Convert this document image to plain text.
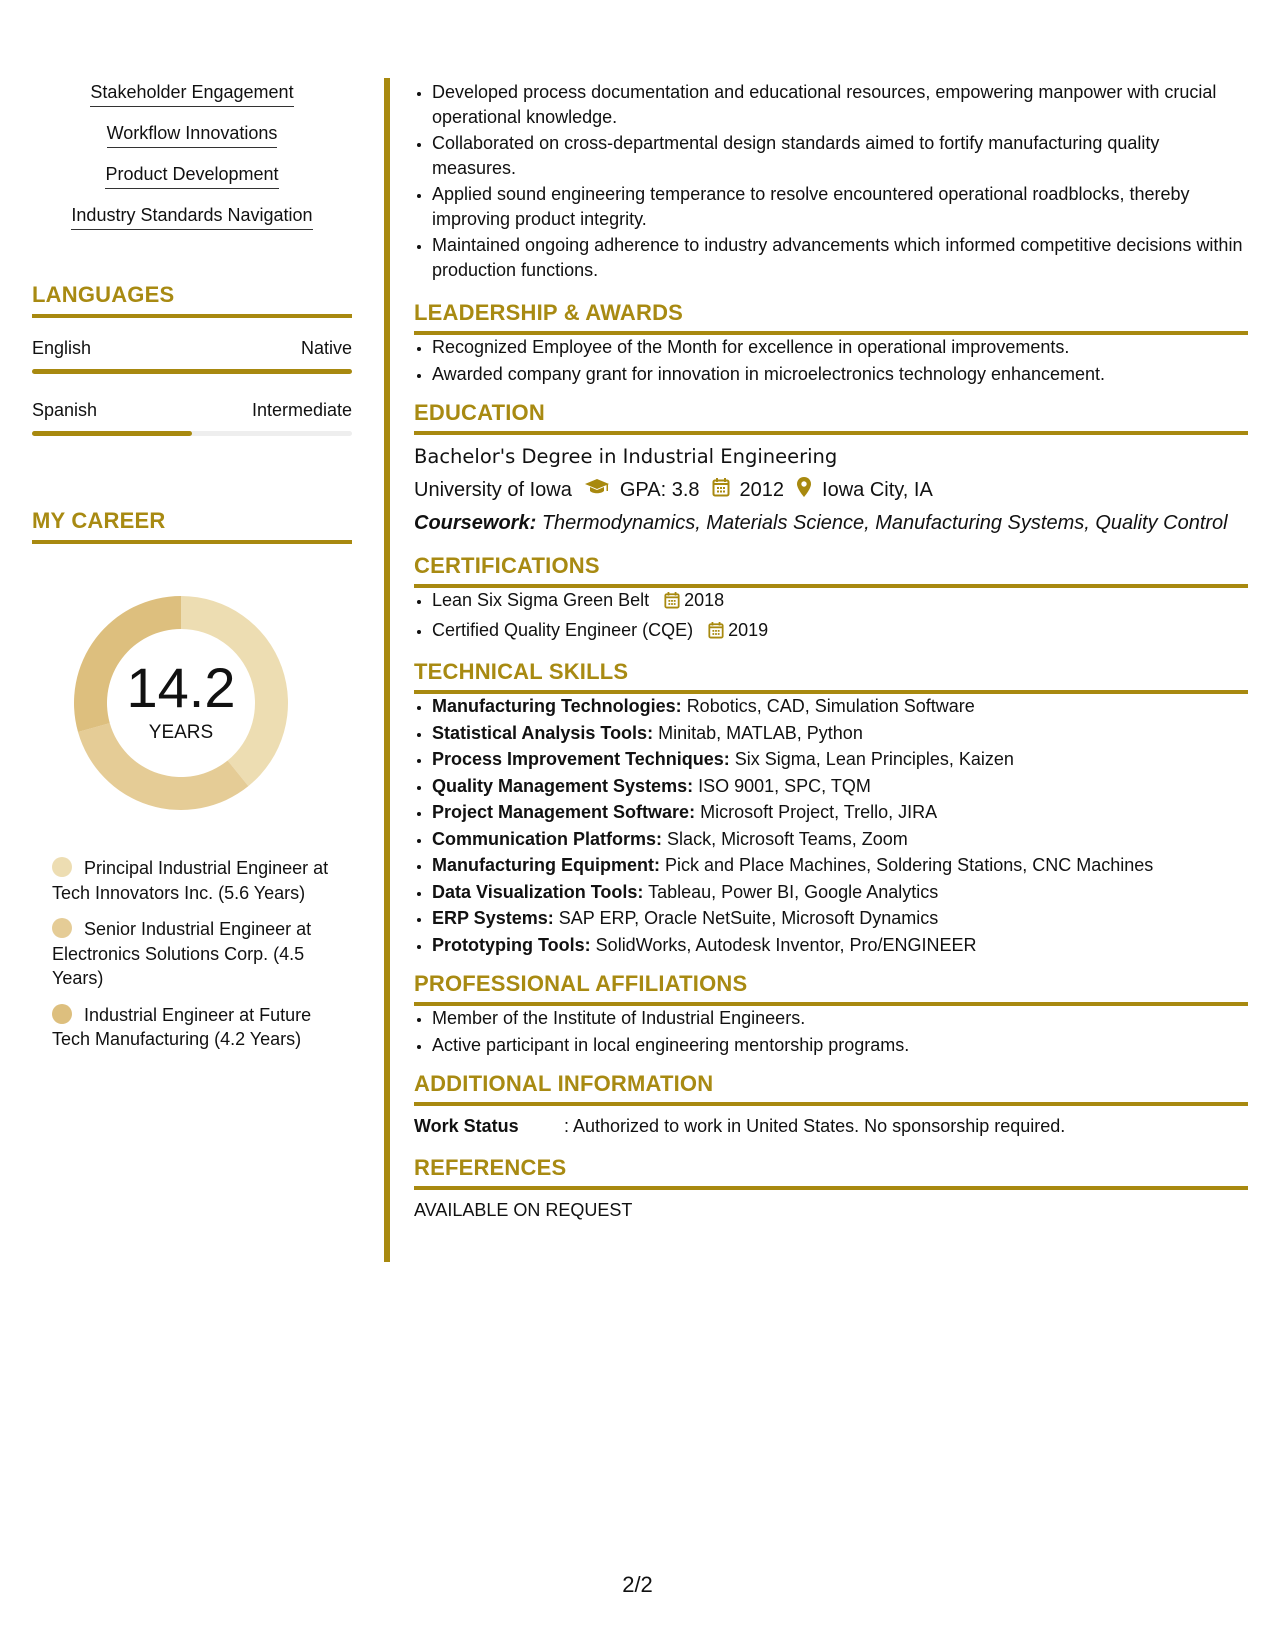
Stakeholder Engagement
Workflow Innovations
Product Development
Industry Standards Navigation
LANGUAGES
English	Native
Spanish	Intermediate
MY CAREER
14.2
YEARS
Principal Industrial Engineer at Tech Innovators Inc. (5.6 Years)
Senior Industrial Engineer at Electronics Solutions Corp. (4.5 Years)
Industrial Engineer at Future Tech Manufacturing (4.2 Years)
• Developed process documentation and educational resources, empowering manpower with crucial operational knowledge.
• Collaborated on cross-departmental design standards aimed to fortify manufacturing quality measures.
• Applied sound engineering temperance to resolve encountered operational roadblocks, thereby improving product integrity.
• Maintained ongoing adherence to industry advancements which informed competitive decisions within production functions.
LEADERSHIP & AWARDS
• Recognized Employee of the Month for excellence in operational improvements.
• Awarded company grant for innovation in microelectronics technology enhancement.
EDUCATION
Bachelor's Degree in Industrial Engineering
University of Iowa GPA: 3.8 2012 Iowa City, IA
Coursework: Thermodynamics, Materials Science, Manufacturing Systems, Quality Control
CERTIFICATIONS
• Lean Six Sigma Green Belt 2018
• Certified Quality Engineer (CQE) 2019
TECHNICAL SKILLS
• Manufacturing Technologies: Robotics, CAD, Simulation Software
• Statistical Analysis Tools: Minitab, MATLAB, Python
• Process Improvement Techniques: Six Sigma, Lean Principles, Kaizen
• Quality Management Systems: ISO 9001, SPC, TQM
• Project Management Software: Microsoft Project, Trello, JIRA
• Communication Platforms: Slack, Microsoft Teams, Zoom
• Manufacturing Equipment: Pick and Place Machines, Soldering Stations, CNC Machines
• Data Visualization Tools: Tableau, Power BI, Google Analytics
• ERP Systems: SAP ERP, Oracle NetSuite, Microsoft Dynamics
• Prototyping Tools: SolidWorks, Autodesk Inventor, Pro/ENGINEER
PROFESSIONAL AFFILIATIONS
• Member of the Institute of Industrial Engineers.
• Active participant in local engineering mentorship programs.
ADDITIONAL INFORMATION
Work Status	: Authorized to work in United States. No sponsorship required.
REFERENCES
AVAILABLE ON REQUEST
2/2
